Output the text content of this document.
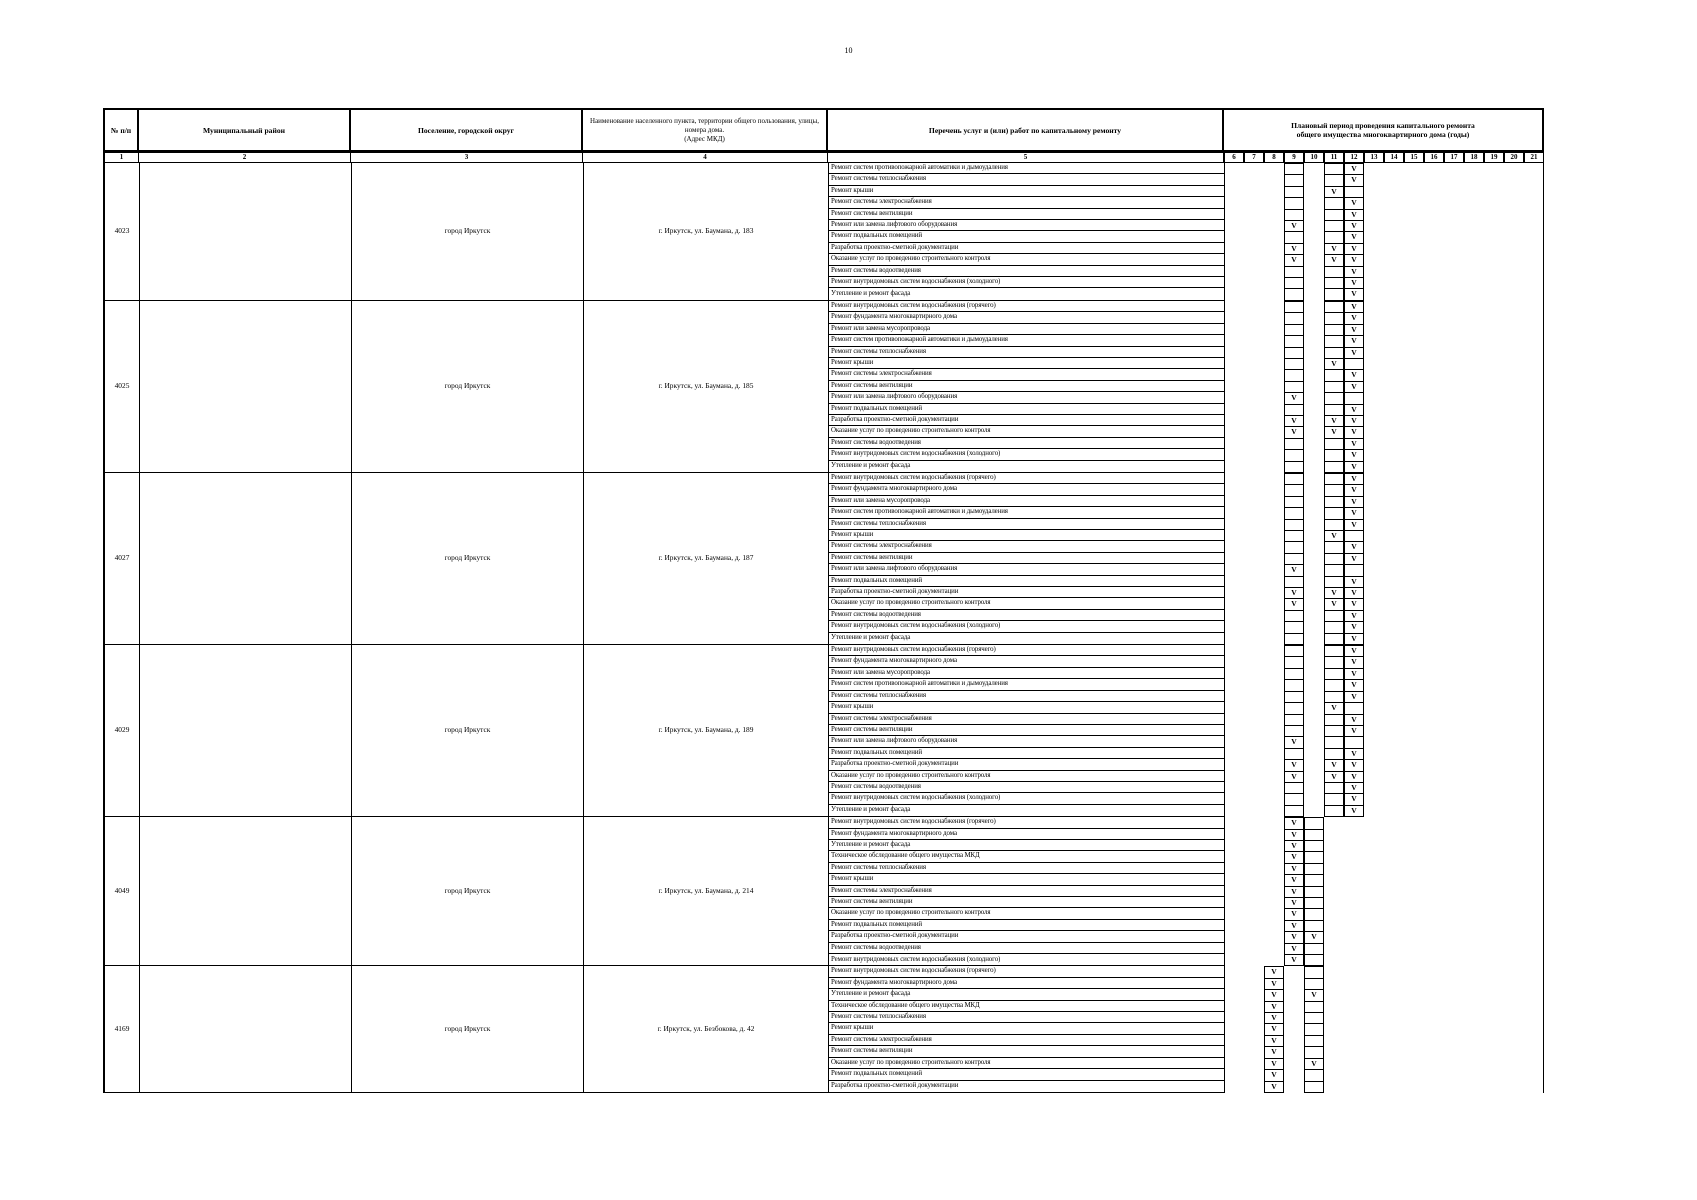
10
№ п/п	Муниципальный район	Поселение, городской округ	Наименование населенного пункта, территории общего пользования, улицы, номера дома.
(Адрес МКД)	Перечень услуг и (или) работ по капитальному ремонту	Плановый период проведения капитального ремонта общего имущества многоквартирного дома (годы)															

1	2	3	4	5	6	7	8	9	10	11	12	13	14	15	16	17	18	19	20	21
4023		город Иркутск	г. Иркутск, ул. Баумана, д. 183	Ремонт систем противопожарной автоматики и дымоудаления							V									
				Ремонт системы теплоснабжения							V									
				Ремонт крыши						V										
				Ремонт системы электроснабжения							V									
				Ремонт системы вентиляции							V									
				Ремонт или замена лифтового оборудования				V			V									
				Ремонт подвальных помещений							V									
				Разработка проектно-сметной документации				V		V	V									
				Оказание услуг по проведению строительного контроля				V		V	V									
				Ремонт системы водоотведения							V									
				Ремонт внутридомовых систем водоснабжения (холодного)							V									
				Утепление и ремонт фасада							V									
4025		город Иркутск	г. Иркутск, ул. Баумана, д. 185	Ремонт внутридомовых систем водоснабжения (горячего)							V									
				Ремонт фундамента многоквартирного дома							V									
				Ремонт или замена мусоропровода							V									
				Ремонт систем противопожарной автоматики и дымоудаления							V									
				Ремонт системы теплоснабжения							V									
				Ремонт крыши						V										
				Ремонт системы электроснабжения							V									
				Ремонт системы вентиляции							V									
				Ремонт или замена лифтового оборудования				V												
				Ремонт подвальных помещений							V									
				Разработка проектно-сметной документации				V		V	V									
				Оказание услуг по проведению строительного контроля				V		V	V									
				Ремонт системы водоотведения							V									
				Ремонт внутридомовых систем водоснабжения (холодного)							V									
				Утепление и ремонт фасада							V									
4027		город Иркутск	г. Иркутск, ул. Баумана, д. 187	Ремонт внутридомовых систем водоснабжения (горячего)							V									
				Ремонт фундамента многоквартирного дома							V									
				Ремонт или замена мусоропровода							V									
				Ремонт систем противопожарной автоматики и дымоудаления							V									
				Ремонт системы теплоснабжения							V									
				Ремонт крыши						V										
				Ремонт системы электроснабжения							V									
				Ремонт системы вентиляции							V									
				Ремонт или замена лифтового оборудования				V												
				Ремонт подвальных помещений							V									
				Разработка проектно-сметной документации				V		V	V									
				Оказание услуг по проведению строительного контроля				V		V	V									
				Ремонт системы водоотведения							V									
				Ремонт внутридомовых систем водоснабжения (холодного)							V									
				Утепление и ремонт фасада							V									
4029		город Иркутск	г. Иркутск, ул. Баумана, д. 189	Ремонт внутридомовых систем водоснабжения (горячего)							V									
				Ремонт фундамента многоквартирного дома							V									
				Ремонт или замена мусоропровода							V									
				Ремонт систем противопожарной автоматики и дымоудаления							V									
				Ремонт системы теплоснабжения							V									
				Ремонт крыши						V										
				Ремонт системы электроснабжения							V									
				Ремонт системы вентиляции							V									
				Ремонт или замена лифтового оборудования				V												
				Ремонт подвальных помещений							V									
				Разработка проектно-сметной документации				V		V	V									
				Оказание услуг по проведению строительного контроля				V		V	V									
				Ремонт системы водоотведения							V									
				Ремонт внутридомовых систем водоснабжения (холодного)							V									
				Утепление и ремонт фасада							V									
4049		город Иркутск	г. Иркутск, ул. Баумана, д. 214	Ремонт внутридомовых систем водоснабжения (горячего)				V												
				Ремонт фундамента многоквартирного дома				V												
				Утепление и ремонт фасада				V												
				Техническое обследование общего имущества МКД				V												
				Ремонт системы теплоснабжения				V												
				Ремонт крыши				V												
				Ремонт системы электроснабжения				V												
				Ремонт системы вентиляции				V												
				Оказание услуг по проведению строительного контроля				V												
				Ремонт подвальных помещений				V												
				Разработка проектно-сметной документации				V	V											
				Ремонт системы водоотведения				V												
				Ремонт внутридомовых систем водоснабжения (холодного)				V												
4169		город Иркутск	г. Иркутск, ул. Безбокова, д. 42	Ремонт внутридомовых систем водоснабжения (горячего)			V													
				Ремонт фундамента многоквартирного дома			V													
				Утепление и ремонт фасада			V		V											
				Техническое обследование общего имущества МКД			V													
				Ремонт системы теплоснабжения			V													
				Ремонт крыши			V													
				Ремонт системы электроснабжения			V													
				Ремонт системы вентиляции			V													
				Оказание услуг по проведению строительного контроля			V		V											
				Ремонт подвальных помещений			V													
				Разработка проектно-сметной документации			V													
